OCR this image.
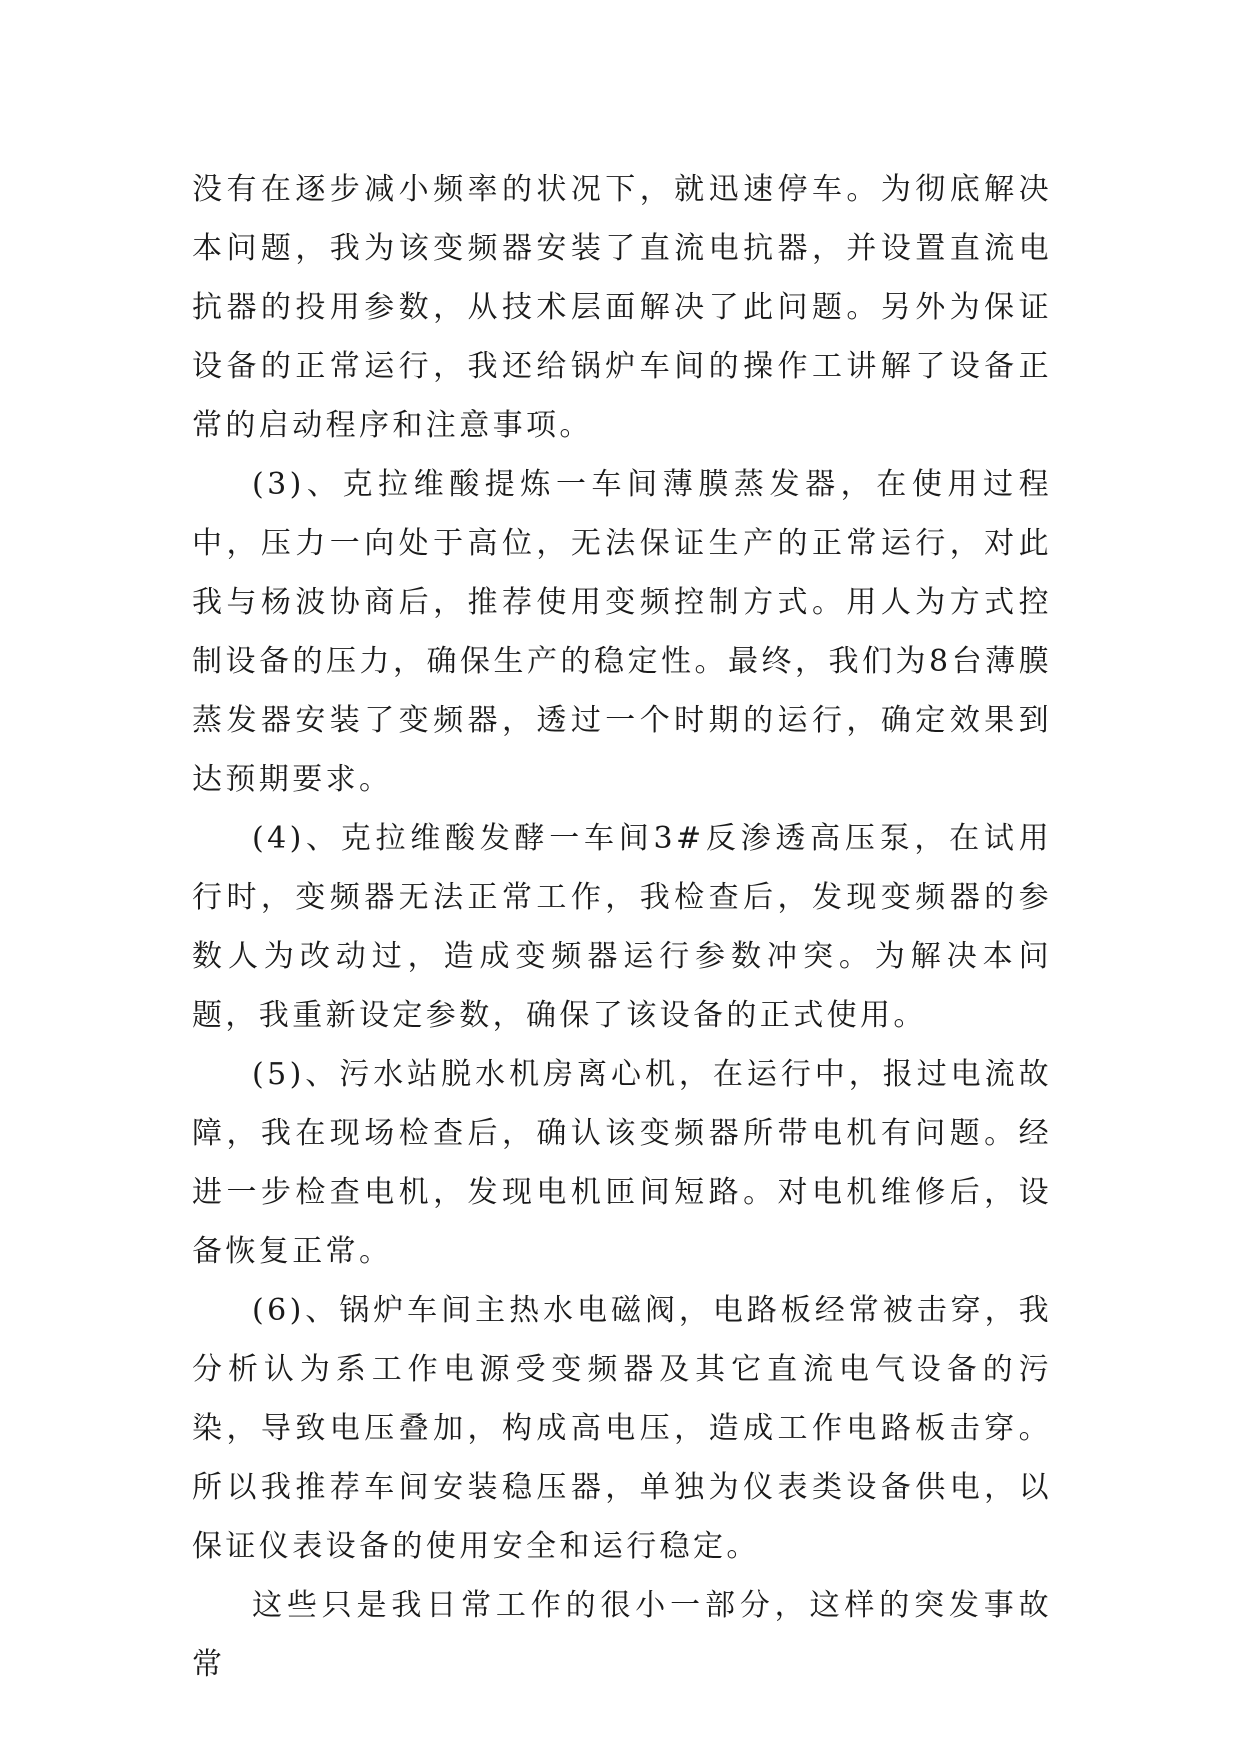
没有在逐步减小频率的状况下，就迅速停车。为彻底解决本问题，我为该变频器安装了直流电抗器，并设置直流电抗器的投用参数，从技术层面解决了此问题。另外为保证设备的正常运行，我还给锅炉车间的操作工讲解了设备正常的启动程序和注意事项。

(3)、克拉维酸提炼一车间薄膜蒸发器，在使用过程中，压力一向处于高位，无法保证生产的正常运行，对此我与杨波协商后，推荐使用变频控制方式。用人为方式控制设备的压力，确保生产的稳定性。最终，我们为8台薄膜蒸发器安装了变频器，透过一个时期的运行，确定效果到达预期要求。

(4)、克拉维酸发酵一车间3#反渗透高压泵，在试用行时，变频器无法正常工作，我检查后，发现变频器的参数人为改动过，造成变频器运行参数冲突。为解决本问题，我重新设定参数，确保了该设备的正式使用。

(5)、污水站脱水机房离心机，在运行中，报过电流故障，我在现场检查后，确认该变频器所带电机有问题。经进一步检查电机，发现电机匝间短路。对电机维修后，设备恢复正常。

(6)、锅炉车间主热水电磁阀，电路板经常被击穿，我分析认为系工作电源受变频器及其它直流电气设备的污染，导致电压叠加，构成高电压，造成工作电路板击穿。所以我推荐车间安装稳压器，单独为仪表类设备供电，以保证仪表设备的使用安全和运行稳定。

这些只是我日常工作的很小一部分，这样的突发事故常
